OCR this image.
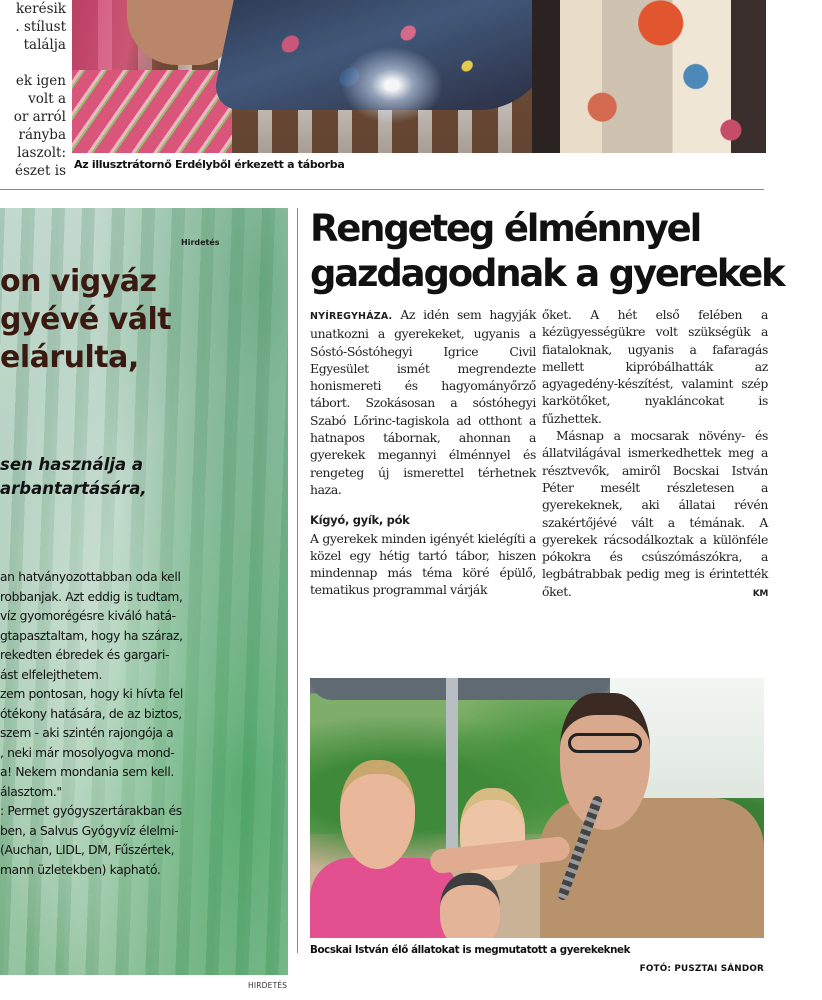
kerésik
. stílust
találja

ek igen
volt a
or arról
rányba
laszolt:
észet is Az illusztrátornő Erdélyből érkezett a táborba
Hirdetés
on vigyáz
gyévé vált
elárulta,
sen használja a
arbantartására,
an hatványozottabban oda kell
robbanjak. Azt eddig is tudtam,
víz gyomorégésre kiváló hatá-
gtapasztaltam, hogy ha száraz,
rekedten ébredek és gargari-
ást elfelejthetem.
zem pontosan, hogy ki hívta fel
ótékony hatására, de az biztos,
szem - aki szintén rajongója a
, neki már mosolyogva mond-
a! Nekem mondania sem kell.
álasztom."
: Permet gyógyszertárakban és
ben, a Salvus Gyógyvíz élelmi-
(Auchan, LIDL, DM, Fűszértek,
mann üzletekben) kapható.
HIRDETÉS
Rengeteg élménnyel
gazdagodnak a gyerekek

NYÍREGYHÁZA. Az idén sem hagyják unatkozni a gyerekeket, ugyanis a Sóstó-Sóstóhegyi Igrice Civil Egyesület ismét megrendezte honismereti és hagyományőrző tábort. Szokásosan a sóstóhegyi Szabó Lőrinc-tagiskola ad otthont a hatnapos tábornak, ahonnan a gyerekek megannyi élménnyel és rengeteg új ismerettel térhetnek haza.

Kígyó, gyík, pók

A gyerekek minden igényét kielégíti a közel egy hétig tartó tábor, hiszen mindennap más téma köré épülő, tematikus programmal várják

őket. A hét első felében a kézügyességükre volt szükségük a fiataloknak, ugyanis a fafaragás mellett kipróbálhatták az agyagedény-készítést, valamint szép karkötőket, nyakláncokat is fűzhettek.

Másnap a mocsarak növény- és állatvilágával ismerkedhettek meg a résztvevők, amiről Bocskai István Péter mesélt részletesen a gyerekeknek, aki állatai révén szakértőjévé vált a témának. A gyerekek rácsodálkoztak a különféle pókokra és csúszómászókra, a legbátrabbak pedig meg is érintették őket.	KM

Bocskai István élő állatokat is megmutatott a gyerekeknek
FOTÓ: PUSZTAI SÁNDOR
